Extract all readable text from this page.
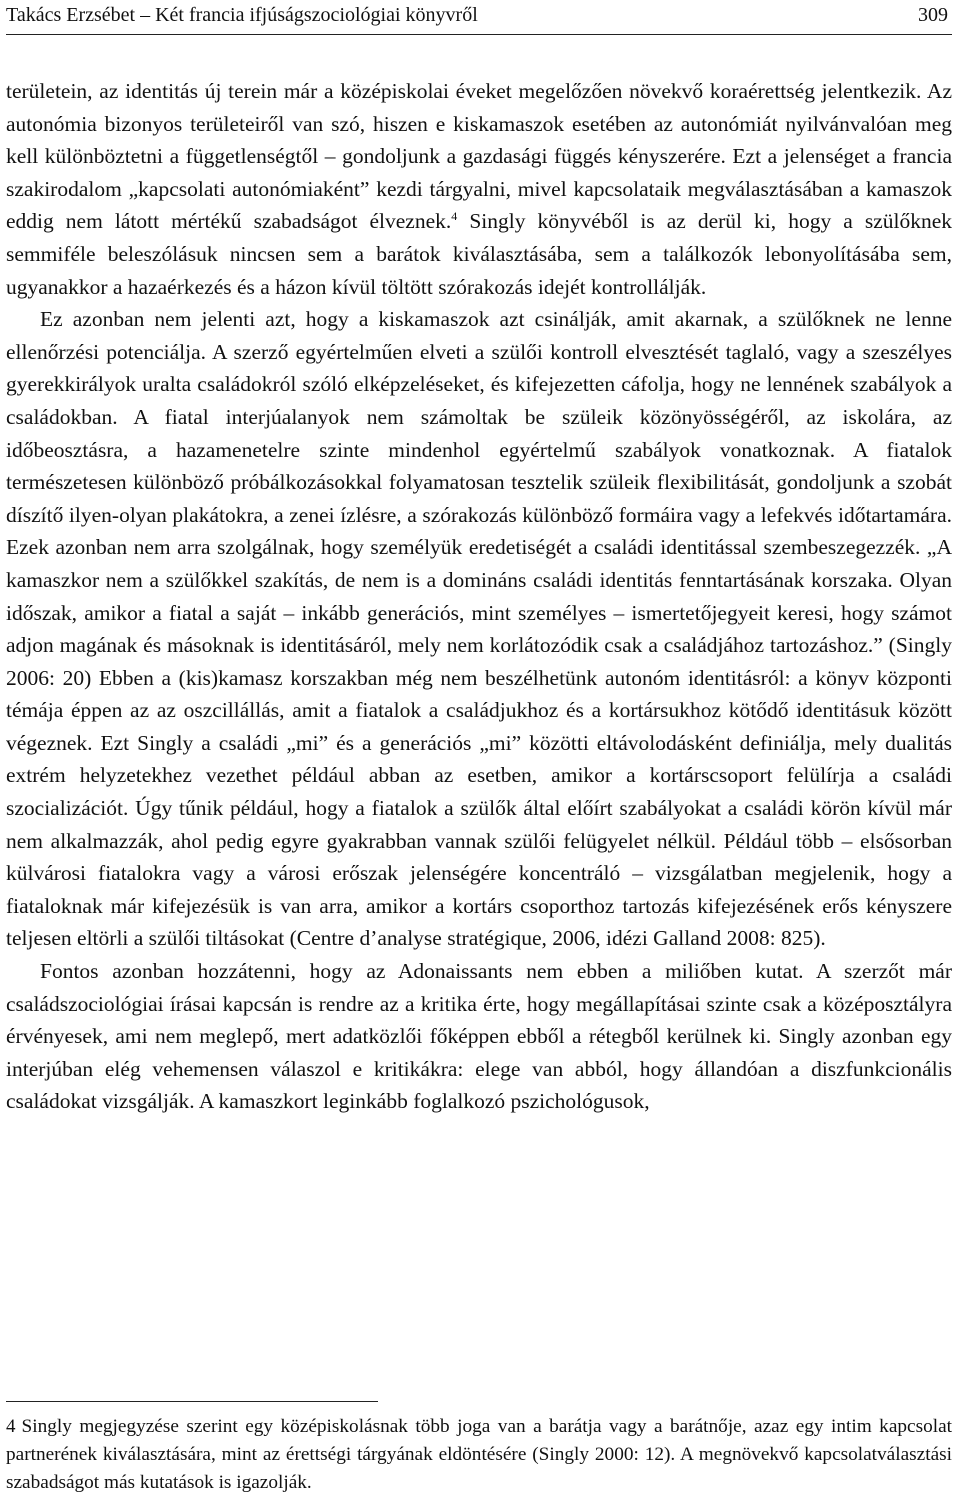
Takács Erzsébet – Két francia ifjúságszociológiai könyvről	309

területein, az identitás új terein már a középiskolai éveket megelőzően növekvő koraérettség jelentkezik. Az autonómia bizonyos területeiről van szó, hiszen e kiskamaszok esetében az autonómiát nyilvánvalóan meg kell különböztetni a függetlenségtől – gondoljunk a gazdasági függés kényszerére. Ezt a jelenséget a francia szakirodalom „kapcsolati autonómiaként” kezdi tárgyalni, mivel kapcsolataik megválasztásában a kamaszok eddig nem látott mértékű szabadságot élveznek.$^4$ Singly könyvéből is az derül ki, hogy a szülőknek semmiféle beleszólásuk nincsen sem a barátok kiválasztásába, sem a találkozók lebonyolításába sem, ugyanakkor a hazaérkezés és a házon kívül töltött szórakozás idejét kontrollálják.

Ez azonban nem jelenti azt, hogy a kiskamaszok azt csinálják, amit akarnak, a szülőknek ne lenne ellenőrzési potenciálja. A szerző egyértelműen elveti a szülői kontroll elvesztését taglaló, vagy a szeszélyes gyerekkirályok uralta családokról szóló elképzeléseket, és kifejezetten cáfolja, hogy ne lennének szabályok a családokban. A fiatal interjúalanyok nem számoltak be szüleik közönyösségéről, az iskolára, az időbeosztásra, a hazamenetelre szinte mindenhol egyértelmű szabályok vonatkoznak. A fiatalok természetesen különböző próbálkozásokkal folyamatosan tesztelik szüleik flexibilitását, gondoljunk a szobát díszítő ilyen-olyan plakátokra, a zenei ízlésre, a szórakozás különböző formáira vagy a lefekvés időtartamára. Ezek azonban nem arra szolgálnak, hogy személyük eredetiségét a családi identitással szembeszegezzék. „A kamaszkor nem a szülőkkel szakítás, de nem is a domináns családi identitás fenntartásának korszaka. Olyan időszak, amikor a fiatal a saját – inkább generációs, mint személyes – ismertetőjegyeit keresi, hogy számot adjon magának és másoknak is identitásáról, mely nem korlátozódik csak a családjához tartozáshoz.” (Singly 2006: 20) Ebben a (kis)kamasz korszakban még nem beszélhetünk autonóm identitásról: a könyv központi témája éppen az az oszcillállás, amit a fiatalok a családjukhoz és a kortársukhoz kötődő identitásuk között végeznek. Ezt Singly a családi „mi” és a generációs „mi” közötti eltávolodásként definiálja, mely dualitás extrém helyzetekhez vezethet például abban az esetben, amikor a kortárscsoport felülírja a családi szocializációt. Úgy tűnik például, hogy a fiatalok a szülők által előírt szabályokat a családi körön kívül már nem alkalmazzák, ahol pedig egyre gyakrabban vannak szülői felügyelet nélkül. Például több – elsősorban külvárosi fiatalokra vagy a városi erőszak jelenségére koncentráló – vizsgálatban megjelenik, hogy a fiataloknak már kifejezésük is van arra, amikor a kortárs csoporthoz tartozás kifejezésének erős kényszere teljesen eltörli a szülői tiltásokat (Centre d’analyse stratégique, 2006, idézi Galland 2008: 825).

Fontos azonban hozzátenni, hogy az Adonaissants nem ebben a miliőben kutat. A szerzőt már családszociológiai írásai kapcsán is rendre az a kritika érte, hogy megállapításai szinte csak a középosztályra érvényesek, ami nem meglepő, mert adatközlői főképpen ebből a rétegből kerülnek ki. Singly azonban egy interjúban elég vehemensen válaszol e kritikákra: elege van abból, hogy állandóan a diszfunkcionális családokat vizsgálják. A kamaszkort leginkább foglalkozó pszichológusok,

4 Singly megjegyzése szerint egy középiskolásnak több joga van a barátja vagy a barátnője, azaz egy intim kapcsolat partnerének kiválasztására, mint az érettségi tárgyának eldöntésére (Singly 2000: 12). A megnövekvő kapcsolatválasztási szabadságot más kutatások is igazolják.
